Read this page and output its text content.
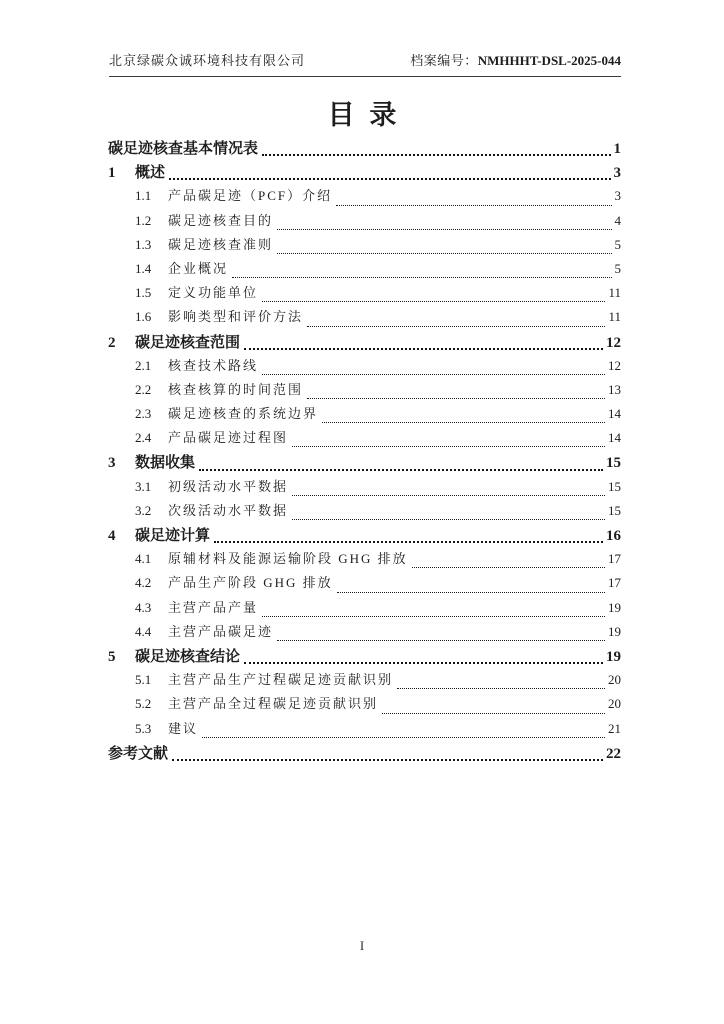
北京绿碳众诚环境科技有限公司	档案编号：NMHHHT-DSL-2025-044
目 录
碳足迹核查基本情况表	1
1	概述	3
1.1	产品碳足迹（PCF）介绍	3
1.2	碳足迹核查目的	4
1.3	碳足迹核查准则	5
1.4	企业概况	5
1.5	定义功能单位	11
1.6	影响类型和评价方法	11
2	碳足迹核查范围	12
2.1	核查技术路线	12
2.2	核查核算的时间范围	13
2.3	碳足迹核查的系统边界	14
2.4	产品碳足迹过程图	14
3	数据收集	15
3.1	初级活动水平数据	15
3.2	次级活动水平数据	15
4	碳足迹计算	16
4.1	原辅材料及能源运输阶段 GHG 排放	17
4.2	产品生产阶段 GHG 排放	17
4.3	主营产品产量	19
4.4	主营产品碳足迹	19
5	碳足迹核查结论	19
5.1	主营产品生产过程碳足迹贡献识别	20
5.2	主营产品全过程碳足迹贡献识别	20
5.3	建议	21
参考文献	22
I
